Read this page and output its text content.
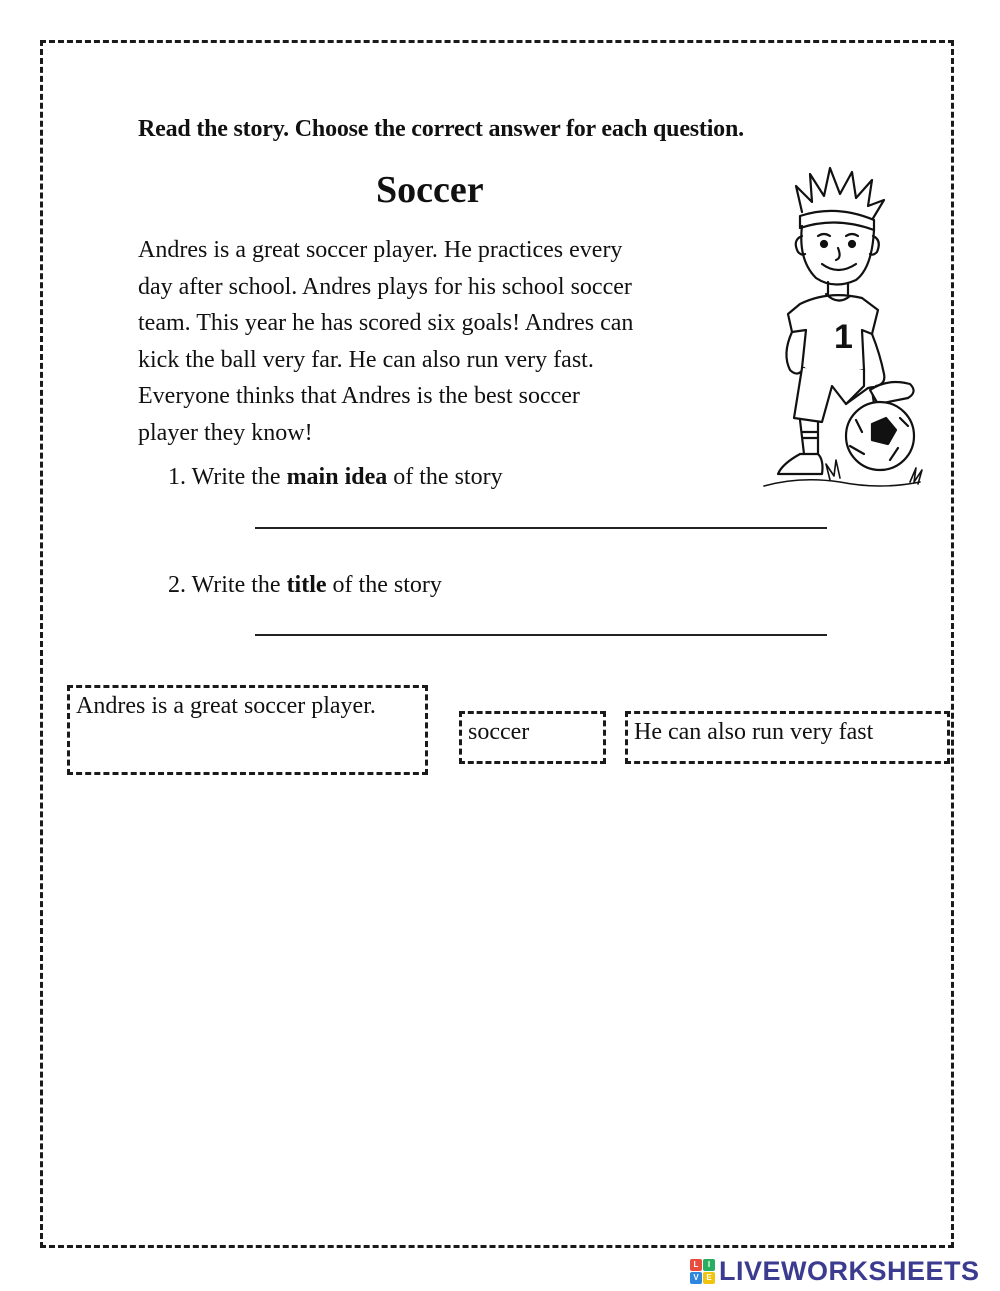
Read the story. Choose the correct answer for each question.
Soccer

Andres is a great soccer player. He practices every

day after school. Andres plays for his school soccer

team. This year he has scored six goals! Andres can

kick the ball very far. He can also run very fast.

Everyone thinks that Andres is the best soccer

player they know!

1
1. Write the main idea of the story
2. Write the title of the story
Andres is a great soccer player.
soccer	He can also run very fast
L	I
V E LIVEWORKSHEETS
